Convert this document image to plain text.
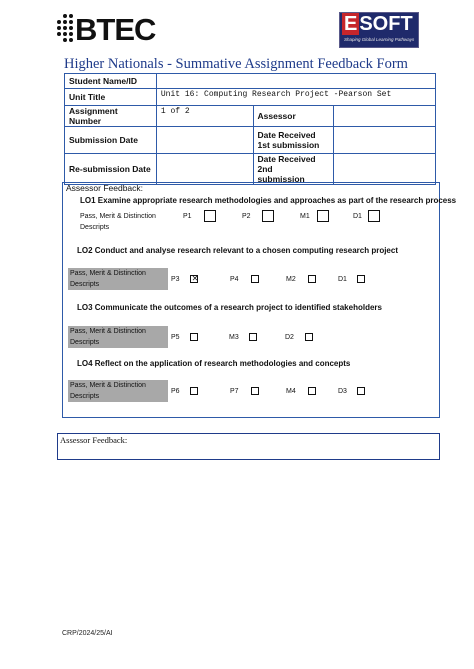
BTEC	E SOFT
Shaping Global Learning Pathways
Higher Nationals - Summative Assignment Feedback Form
Student Name/ID			
Unit Title	Unit 16: Computing Research Project -Pearson Set		
Assignment Number	1 of 2	Assessor	
Submission Date		Date Received
1st submission	
Re-submission Date		Date Received 2nd
submission	
Assessor Feedback:
LO1 Examine appropriate research methodologies and approaches as part of the research process
Pass, Merit & Distinction
Descripts
P1	P2	M1	D1
LO2 Conduct and analyse research relevant to a chosen computing research project
Pass, Merit & Distinction
Descripts
P3 ✕	P4	M2	D1
LO3 Communicate the outcomes of a research project to identified stakeholders
Pass, Merit & Distinction
Descripts
P5	M3	D2
LO4 Reflect on the application of research methodologies and concepts
Pass, Merit & Distinction
Descripts
P6	P7	M4	D3
Assessor Feedback:
CRP/2024/25/AI
